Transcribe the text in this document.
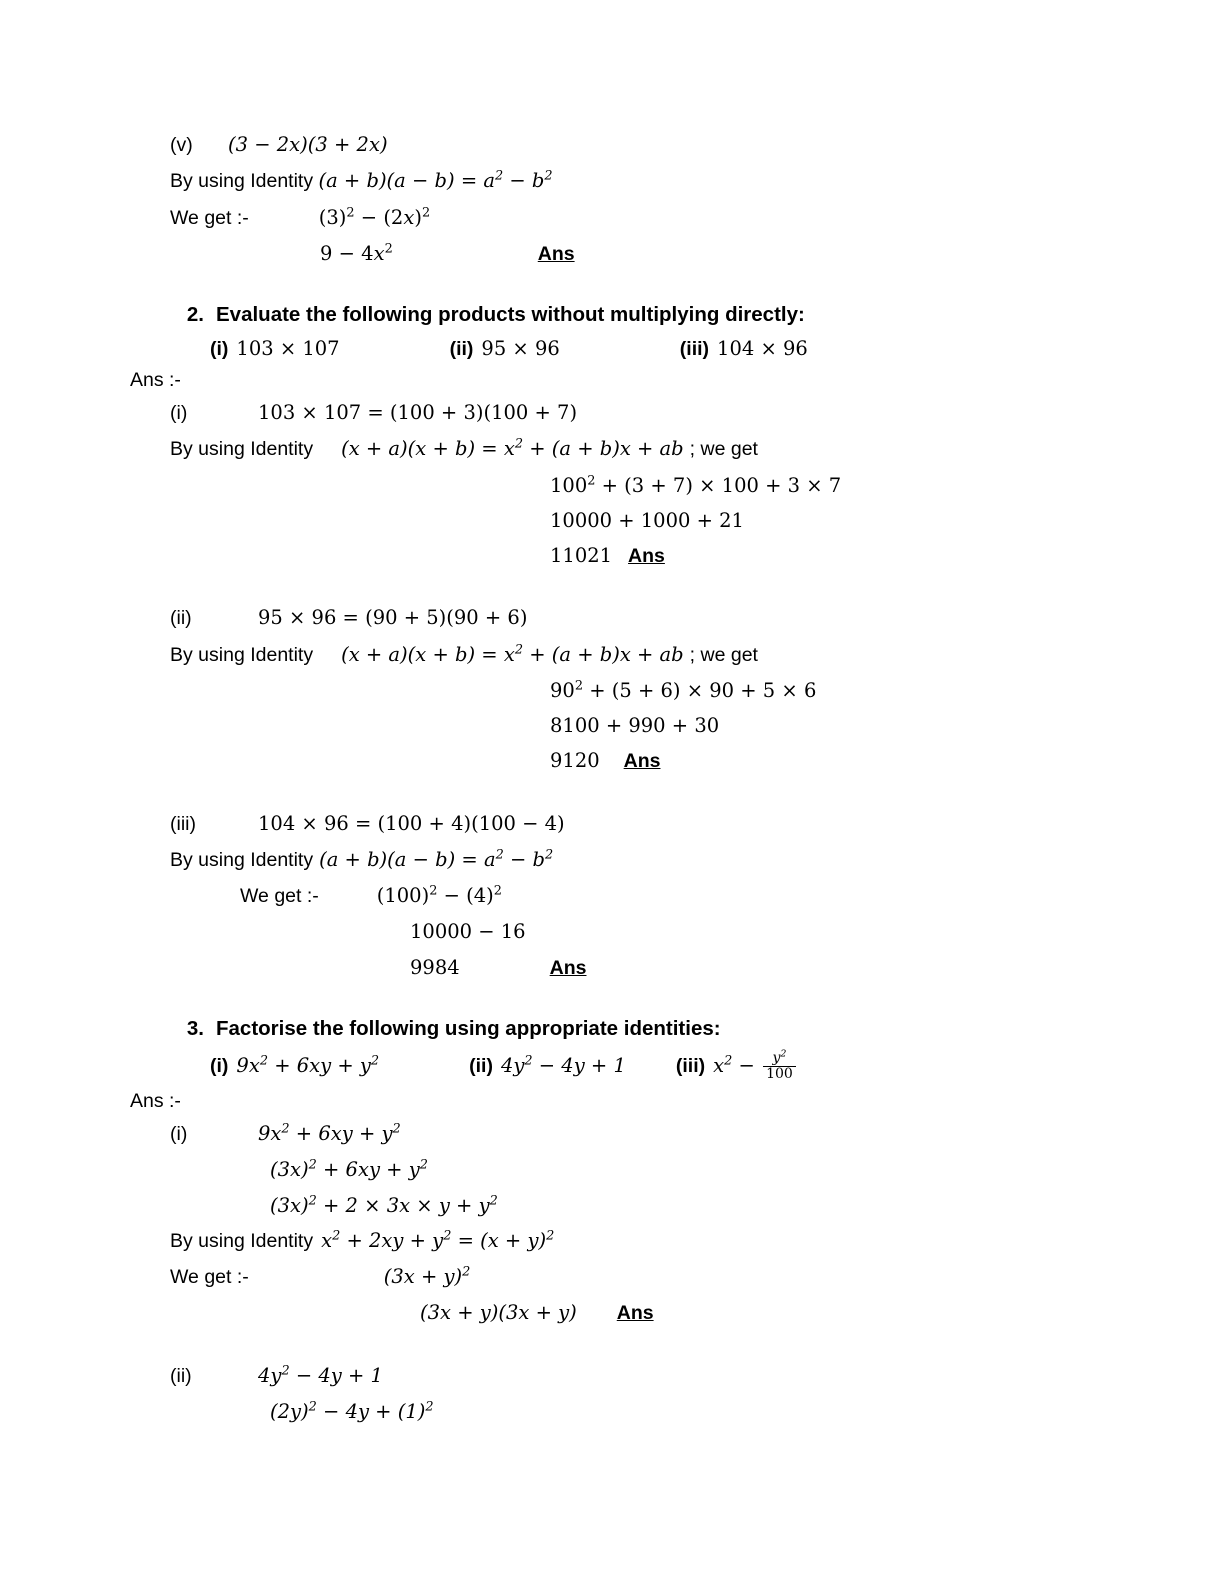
(v)	(3 − 2x)(3 + 2x)
By using Identity $(a + b)(a - b) = a^2 - b^2$
We get :-	$(3)^2 - (2x)^2$
$9 - 4x^2$	Ans
2. Evaluate the following products without multiplying directly:
(i) 103 × 107	(ii) 95 × 96	(iii) 104 × 96
Ans :-
(i)	103 × 107 = (100 + 3)(100 + 7)
By using Identity $(x + a)(x + b) = x^2 + (a + b)x$ + ab ; we get
$100^2 + (3 + 7) \times 100 + 3 \times 7$
10000 + 1000 + 21
11021 Ans
(ii)	95 × 96 = (90 + 5)(90 + 6)
By using Identity $(x + a)(x + b) = x^2 + (a + b)x$ + ab ; we get
$90^2 + (5 + 6) \times 90 + 5 \times 6$
8100 + 990 + 30
9120 Ans
(iii)	104 × 96 = (100 + 4)(100 − 4)
By using Identity $(a + b)(a - b) = a^2 - b^2$
We get :-	$(100)^2 - (4)^2$
10000 − 16
9984	Ans
3. Factorise the following using appropriate identities:
(i) $9x^2 + 6xy + y^2$	(ii) $4y^2 - 4y + 1$	(iii) $x^2 - \frac{y^2}{100}$
Ans :-
(i)	$9x^2 + 6xy + y^2$
$(3x)^2 + 6xy + y^2$
$(3x)^2 + 2 \times 3x \times y + y^2$
By using Identity $x^2 + 2xy + y^2 = (x + y)^2$
We get :-	$(3x + y)^2$
(3x + y)(3x + y) Ans
(ii)	$4y^2 - 4y + 1$
$(2y)^2 - 4y + (1)^2$
